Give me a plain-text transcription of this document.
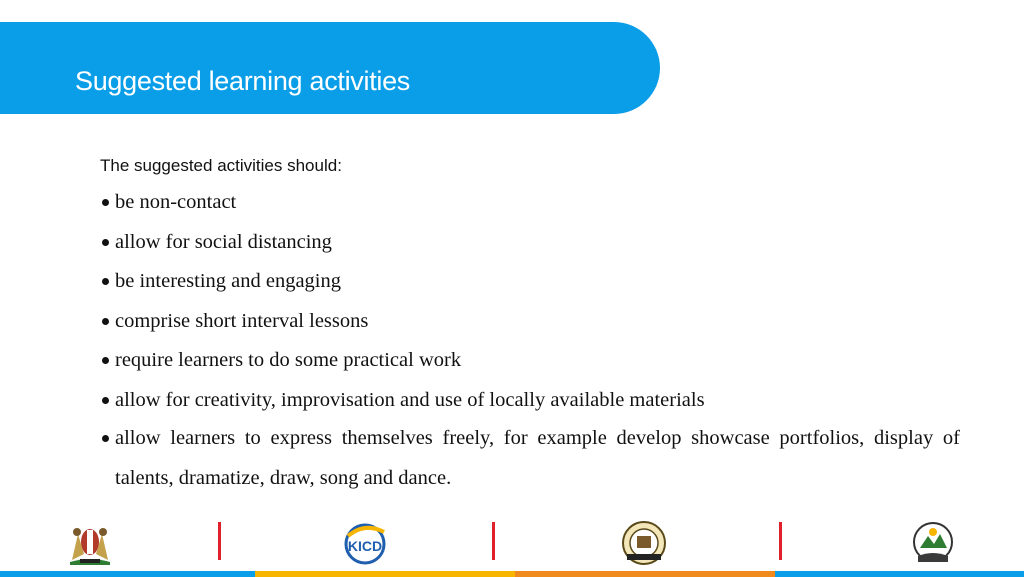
Suggested learning activities
The suggested activities should:
be non-contact
allow for social distancing
be interesting and engaging
comprise short interval lessons
require learners to do some practical work
allow for creativity, improvisation and use of locally available materials
allow learners to express themselves freely, for example develop showcase portfolios, display of talents, dramatize, draw, song and dance.
KICD
